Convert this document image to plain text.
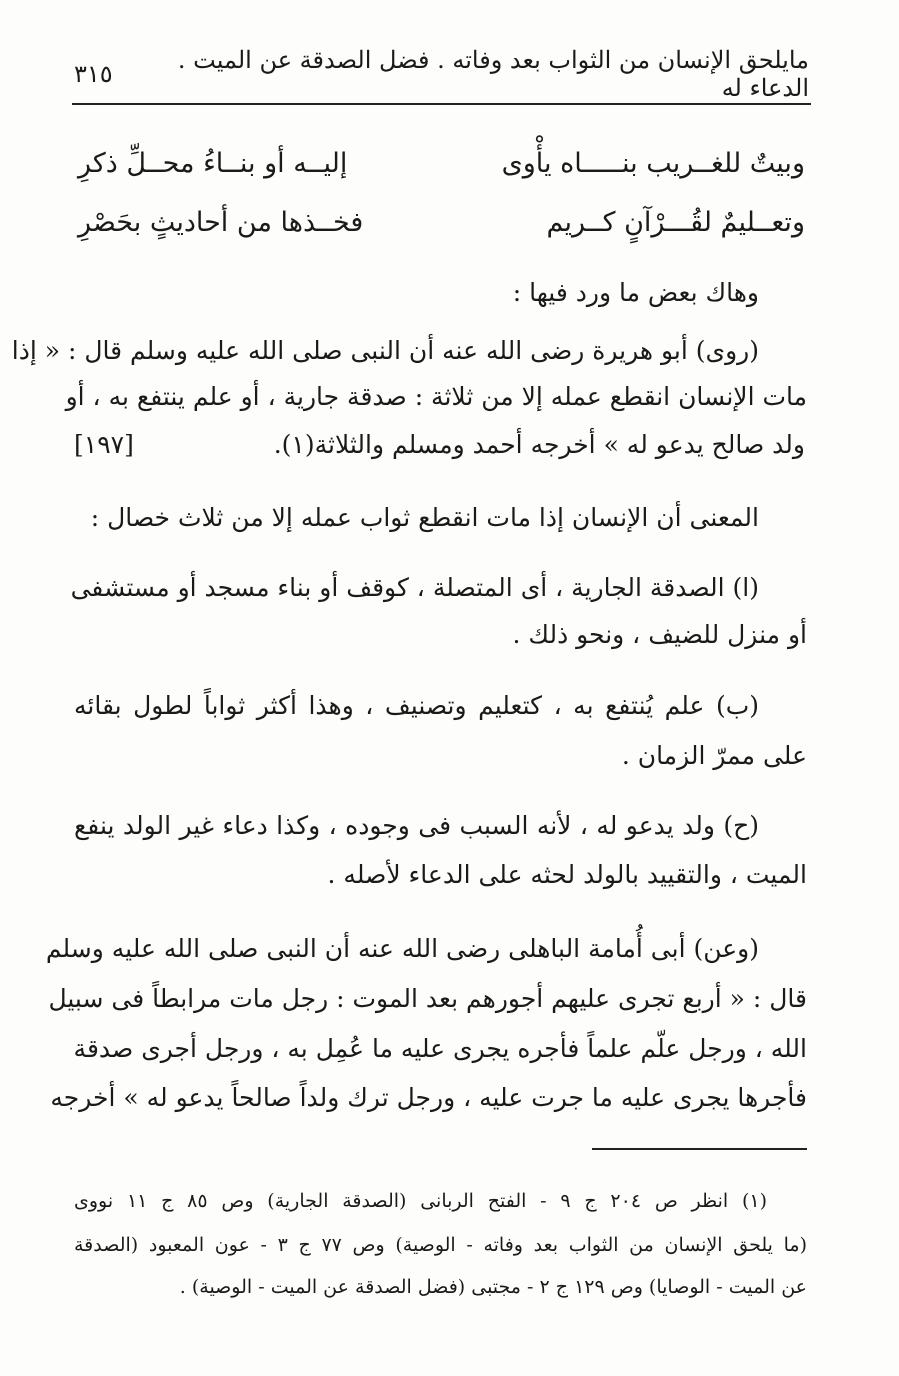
مايلحق الإنسان من الثواب بعد وفاته . فضل الصدقة عن الميت . الدعاء له
٣١٥
وبيتٌ للغــريب بنـــــاه يأْوى
إليــه أو بنــاءُ محــلِّ ذكرِ
وتعــليمٌ لقُـــرْآنٍ كــريم
فخــذها من أحاديثٍ بحَصْرِ
وهاك بعض ما ورد فيها :
(روى) أبو هريرة رضى الله عنه أن النبى صلى الله عليه وسلم قال : « إذا
مات الإنسان انقطع عمله إلا من ثلاثة : صدقة جارية ، أو علم ينتفع به ، أو
ولد صالح يدعو له » أخرجه أحمد ومسلم والثلاثة(١).
[١٩٧]
المعنى أن الإنسان إذا مات انقطع ثواب عمله إلا من ثلاث خصال :
(ا) الصدقة الجارية ، أى المتصلة ، كوقف أو بناء مسجد أو مستشفى
أو منزل للضيف ، ونحو ذلك .
(ب) علم يُنتفع به ، كتعليم وتصنيف ، وهذا أكثر ثواباً لطول بقائه
على ممرّ الزمان .
(ح) ولد يدعو له ، لأنه السبب فى وجوده ، وكذا دعاء غير الولد ينفع
الميت ، والتقييد بالولد لحثه على الدعاء لأصله .
(وعن) أبى أُمامة الباهلى رضى الله عنه أن النبى صلى الله عليه وسلم
قال : « أربع تجرى عليهم أجورهم بعد الموت : رجل مات مرابطاً فى سبيل
الله ، ورجل علّم علماً فأجره يجرى عليه ما عُمِل به ، ورجل أجرى صدقة
فأجرها يجرى عليه ما جرت عليه ، ورجل ترك ولداً صالحاً يدعو له » أخرجه
(١) انظر ص ٢٠٤ ج ٩ - الفتح الربانى (الصدقة الجارية) وص ٨٥ ج ١١ نووى
(ما يلحق الإنسان من الثواب بعد وفاته - الوصية) وص ٧٧ ج ٣ - عون المعبود (الصدقة
عن الميت - الوصايا) وص ١٢٩ ج ٢ - مجتبى (فضل الصدقة عن الميت - الوصية) .
